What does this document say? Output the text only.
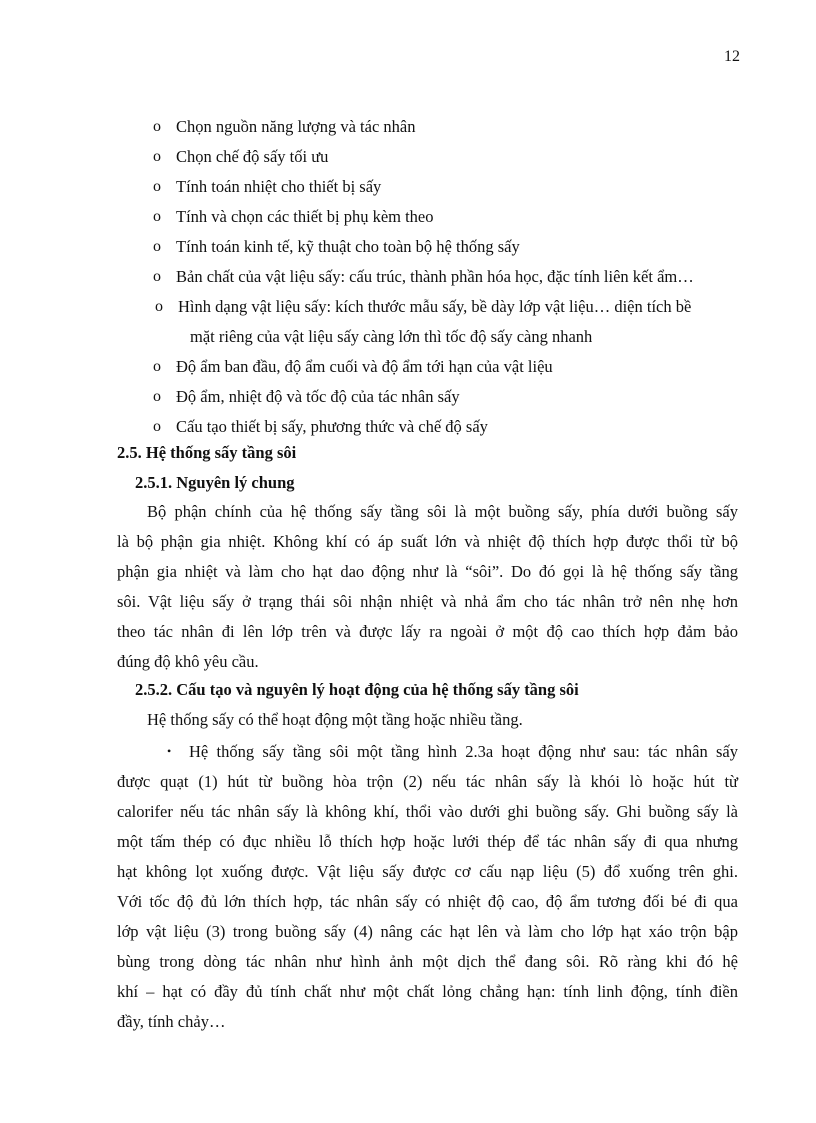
12
o Chọn nguồn năng lượng và tác nhân
o Chọn chế độ sấy tối ưu
o Tính toán nhiệt cho thiết bị sấy
o Tính và chọn các thiết bị phụ kèm theo
o Tính toán kinh tế, kỹ thuật cho toàn bộ hệ thống sấy
o Bản chất của vật liệu sấy: cấu trúc, thành phần hóa học, đặc tính liên kết ẩm…
o Hình dạng vật liệu sấy: kích thước mẫu sấy, bề dày lớp vật liệu… diện tích bề
mặt riêng của vật liệu sấy càng lớn thì tốc độ sấy càng nhanh
o Độ ẩm ban đầu, độ ẩm cuối và độ ẩm tới hạn của vật liệu
o Độ ẩm, nhiệt độ và tốc độ của tác nhân sấy
o Cấu tạo thiết bị sấy, phương thức và chế độ sấy
2.5. Hệ thống sấy tầng sôi
2.5.1. Nguyên lý chung
Bộ phận chính của hệ thống sấy tầng sôi là một buồng sấy, phía dưới buồng sấy
là bộ phận gia nhiệt. Không khí có áp suất lớn và nhiệt độ thích hợp được thổi từ bộ
phận gia nhiệt và làm cho hạt dao động như là “sôi”. Do đó gọi là hệ thống sấy tầng
sôi. Vật liệu sấy ở trạng thái sôi nhận nhiệt và nhả ẩm cho tác nhân trở nên nhẹ hơn
theo tác nhân đi lên lớp trên và được lấy ra ngoài ở một độ cao thích hợp đảm bảo
đúng độ khô yêu cầu.
2.5.2. Cấu tạo và nguyên lý hoạt động của hệ thống sấy tầng sôi
Hệ thống sấy có thể hoạt động một tầng hoặc nhiều tầng.
•	Hệ thống sấy tầng sôi một tầng hình 2.3a hoạt động như sau: tác nhân sấy
được quạt (1) hút từ buồng hòa trộn (2) nếu tác nhân sấy là khói lò hoặc hút từ
calorifer nếu tác nhân sấy là không khí, thổi vào dưới ghi buồng sấy. Ghi buồng sấy là
một tấm thép có đục nhiều lỗ thích hợp hoặc lưới thép để tác nhân sấy đi qua nhưng
hạt không lọt xuống được. Vật liệu sấy được cơ cấu nạp liệu (5) đổ xuống trên ghi.
Với tốc độ đủ lớn thích hợp, tác nhân sấy có nhiệt độ cao, độ ẩm tương đối bé đi qua
lớp vật liệu (3) trong buồng sấy (4) nâng các hạt lên và làm cho lớp hạt xáo trộn bập
bùng trong dòng tác nhân như hình ảnh một dịch thể đang sôi. Rõ ràng khi đó hệ
khí – hạt có đầy đủ tính chất như một chất lỏng chẳng hạn: tính linh động, tính điền
đầy, tính chảy…
